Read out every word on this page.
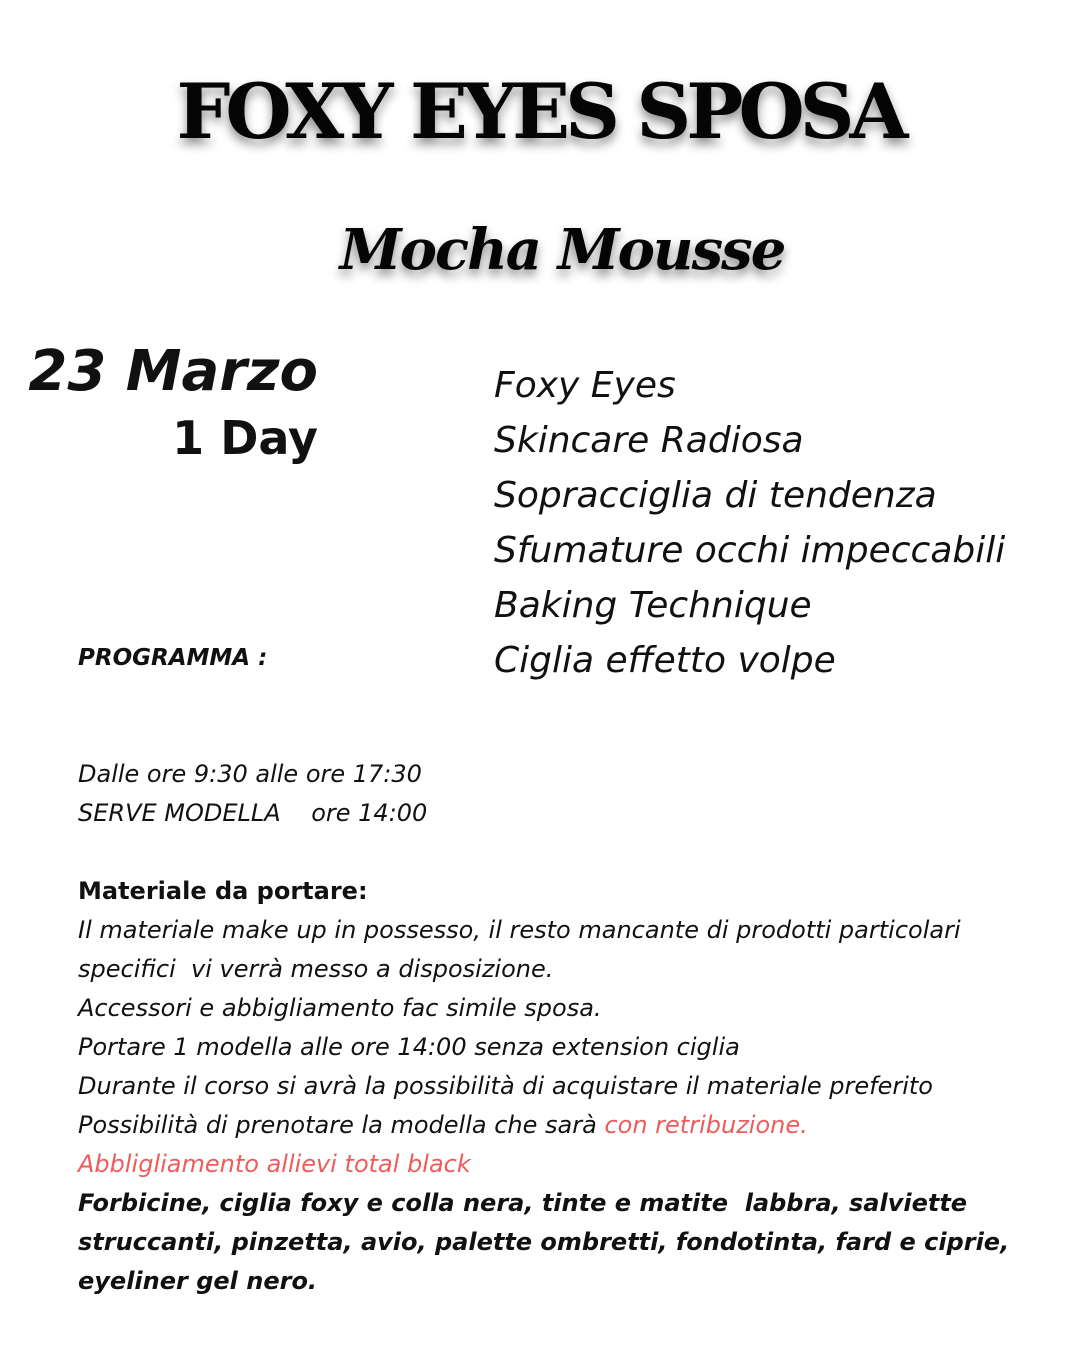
FOXY EYES SPOSA
Mocha Mousse
23 Marzo
1 Day
Foxy Eyes
Skincare Radiosa
Sopracciglia di tendenza
Sfumature occhi impeccabili
Baking Technique
Ciglia effetto volpe
PROGRAMMA :
Dalle ore 9:30 alle ore 17:30
SERVE MODELLA    ore 14:00
Materiale da portare:
Il materiale make up in possesso, il resto mancante di prodotti particolari
specifici  vi verrà messo a disposizione.
Accessori e abbigliamento fac simile sposa.
Portare 1 modella alle ore 14:00 senza extension ciglia
Durante il corso si avrà la possibilità di acquistare il materiale preferito
Possibilità di prenotare la modella che sarà con retribuzione.
Abbligliamento allievi total black
Forbicine, ciglia foxy e colla nera, tinte e matite  labbra, salviette
struccanti, pinzetta, avio, palette ombretti, fondotinta, fard e ciprie,
eyeliner gel nero.
